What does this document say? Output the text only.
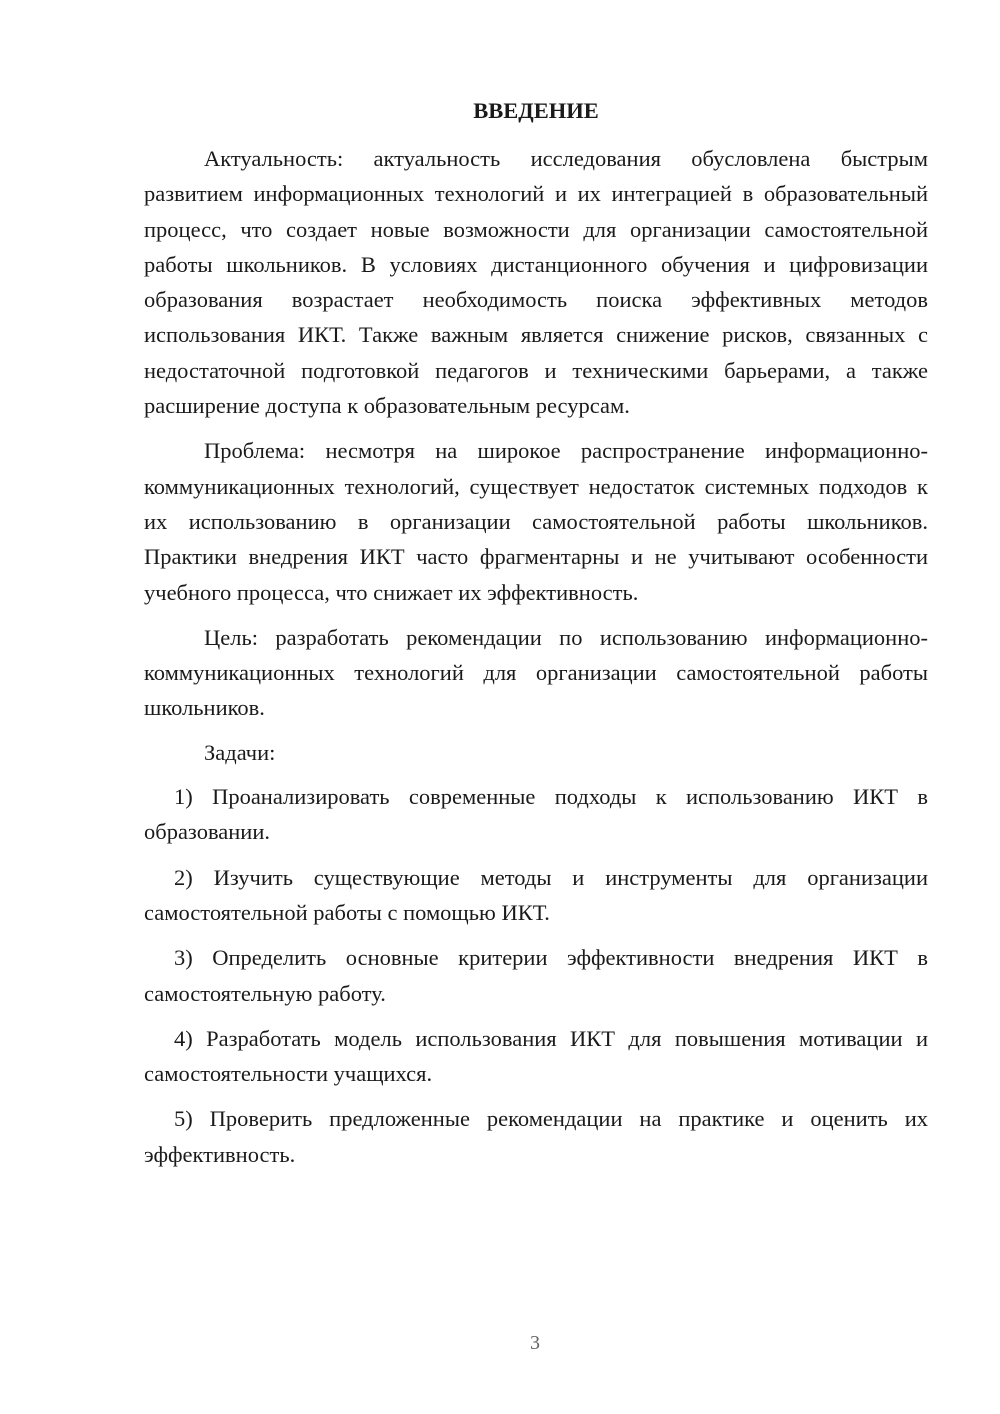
ВВЕДЕНИЕ

Актуальность: актуальность исследования обусловлена быстрым развитием информационных технологий и их интеграцией в образовательный процесс, что создает новые возможности для организации самостоятельной работы школьников. В условиях дистанционного обучения и цифровизации образования возрастает необходимость поиска эффективных методов использования ИКТ. Также важным является снижение рисков, связанных с недостаточной подготовкой педагогов и техническими барьерами, а также расширение доступа к образовательным ресурсам.

Проблема: несмотря на широкое распространение информационно-коммуникационных технологий, существует недостаток системных подходов к их использованию в организации самостоятельной работы школьников. Практики внедрения ИКТ часто фрагментарны и не учитывают особенности учебного процесса, что снижает их эффективность.

Цель: разработать рекомендации по использованию информационно-коммуникационных технологий для организации самостоятельной работы школьников.

Задачи:

1) Проанализировать современные подходы к использованию ИКТ в образовании.

2) Изучить существующие методы и инструменты для организации самостоятельной работы с помощью ИКТ.

3) Определить основные критерии эффективности внедрения ИКТ в самостоятельную работу.

4) Разработать модель использования ИКТ для повышения мотивации и самостоятельности учащихся.

5) Проверить предложенные рекомендации на практике и оценить их эффективность.

3
